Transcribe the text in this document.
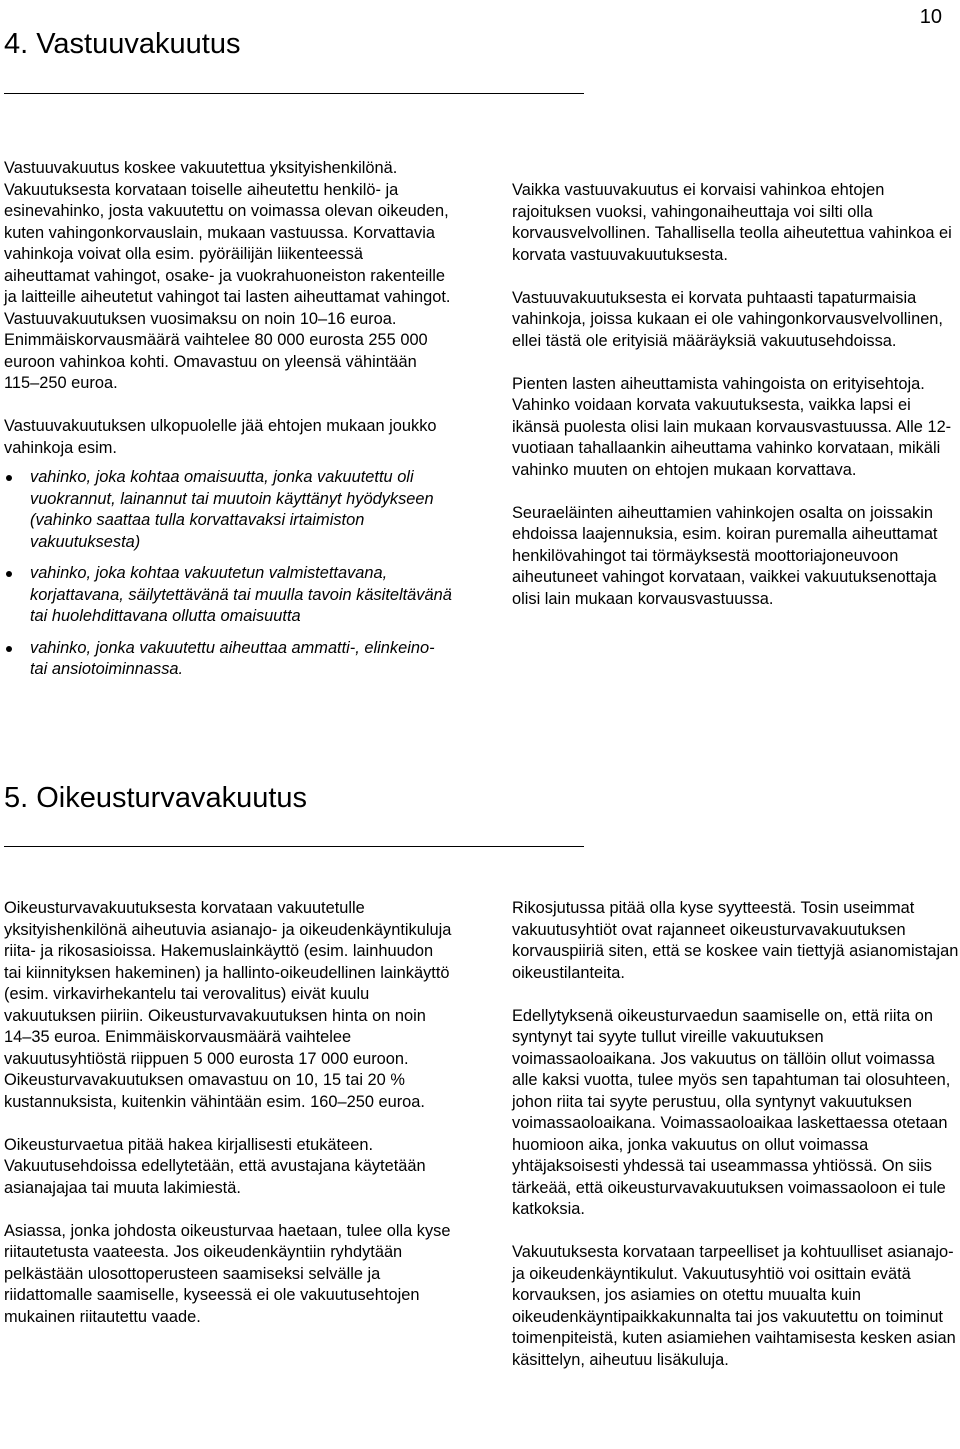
10
4. Vastuuvakuutus

Vastuuvakuutus koskee vakuutettua yksityishenkilönä. Vakuutuksesta korvataan toiselle aiheutettu henkilö- ja esinevahinko, josta vakuutettu on voimassa olevan oikeuden, kuten vahingonkorvauslain, mukaan vastuussa. Korvattavia vahinkoja voivat olla esim. pyöräilijän liikenteessä aiheuttamat vahingot, osake- ja vuokrahuoneiston rakenteille ja laitteille aiheutetut vahingot tai lasten aiheuttamat vahingot. Vastuuvakuutuksen vuosimaksu on noin 10–16 euroa. Enimmäiskorvausmäärä vaihtelee 80 000 eurosta 255 000 euroon vahinkoa kohti. Omavastuu on yleensä vähintään 115–250 euroa.

Vastuuvakuutuksen ulkopuolelle jää ehtojen mukaan joukko vahinkoja esim.

vahinko, joka kohtaa omaisuutta, jonka vakuutettu oli vuokrannut, lainannut tai muutoin käyttänyt hyödykseen (vahinko saattaa tulla korvattavaksi irtaimiston vakuutuksesta)
vahinko, joka kohtaa vakuutetun valmistettavana, korjattavana, säilytettävänä tai muulla tavoin käsiteltävänä tai huolehdittavana ollutta omaisuutta
vahinko, jonka vakuutettu aiheuttaa ammatti-, elinkeino- tai ansiotoiminnassa.

Vaikka vastuuvakuutus ei korvaisi vahinkoa ehtojen rajoituksen vuoksi, vahingonaiheuttaja voi silti olla korvausvelvollinen. Tahallisella teolla aiheutettua vahinkoa ei korvata vastuuvakuutuksesta.

Vastuuvakuutuksesta ei korvata puhtaasti tapaturmaisia vahinkoja, joissa kukaan ei ole vahingonkorvausvelvollinen, ellei tästä ole erityisiä määräyksiä vakuutusehdoissa.

Pienten lasten aiheuttamista vahingoista on erityisehtoja. Vahinko voidaan korvata vakuutuksesta, vaikka lapsi ei ikänsä puolesta olisi lain mukaan korvausvastuussa. Alle 12-vuotiaan tahallaankin aiheuttama vahinko korvataan, mikäli vahinko muuten on ehtojen mukaan korvattava.

Seuraeläinten aiheuttamien vahinkojen osalta on joissakin ehdoissa laajennuksia, esim. koiran puremalla aiheuttamat henkilövahingot tai törmäyksestä moottoriajoneuvoon aiheutuneet vahingot korvataan, vaikkei vakuutuksenottaja olisi lain mukaan korvausvastuussa.

5. Oikeusturvavakuutus

Oikeusturvavakuutuksesta korvataan vakuutetulle yksityishenkilönä aiheutuvia asianajo- ja oikeudenkäyntikuluja riita- ja rikosasioissa. Hakemuslainkäyttö (esim. lainhuudon tai kiinnityksen hakeminen) ja hallinto-oikeudellinen lainkäyttö (esim. virkavirhekantelu tai verovalitus) eivät kuulu vakuutuksen piiriin. Oikeusturvavakuutuksen hinta on noin 14–35 euroa. Enimmäiskorvausmäärä vaihtelee vakuutusyhtiöstä riippuen 5 000 eurosta 17 000 euroon. Oikeusturvavakuutuksen omavastuu on 10, 15 tai 20 % kustannuksista, kuitenkin vähintään esim. 160–250 euroa.

Oikeusturvaetua pitää hakea kirjallisesti etukäteen. Vakuutusehdoissa edellytetään, että avustajana käytetään asianajajaa tai muuta lakimiestä.

Asiassa, jonka johdosta oikeusturvaa haetaan, tulee olla kyse riitautetusta vaateesta. Jos oikeudenkäyntiin ryhdytään pelkästään ulosottoperusteen saamiseksi selvälle ja riidattomalle saamiselle, kyseessä ei ole vakuutusehtojen mukainen riitautettu vaade.

Rikosjutussa pitää olla kyse syytteestä. Tosin useimmat vakuutusyhtiöt ovat rajanneet oikeusturvavakuutuksen korvauspiiriä siten, että se koskee vain tiettyjä asianomistajan oikeustilanteita.

Edellytyksenä oikeusturvaedun saamiselle on, että riita on syntynyt tai syyte tullut vireille vakuutuksen voimassaoloaikana. Jos vakuutus on tällöin ollut voimassa alle kaksi vuotta, tulee myös sen tapahtuman tai olosuhteen, johon riita tai syyte perustuu, olla syntynyt vakuutuksen voimassaoloaikana. Voimassaoloaikaa laskettaessa otetaan huomioon aika, jonka vakuutus on ollut voimassa yhtäjaksoisesti yhdessä tai useammassa yhtiössä. On siis tärkeää, että oikeusturvavakuutuksen voimassaoloon ei tule katkoksia.

Vakuutuksesta korvataan tarpeelliset ja kohtuulliset asianajo- ja oikeudenkäyntikulut. Vakuutusyhtiö voi osittain evätä korvauksen, jos asiamies on otettu muualta kuin oikeudenkäyntipaikkakunnalta tai jos vakuutettu on toiminut toimenpiteistä, kuten asiamiehen vaihtamisesta kesken asian käsittelyn, aiheutuu lisäkuluja.
